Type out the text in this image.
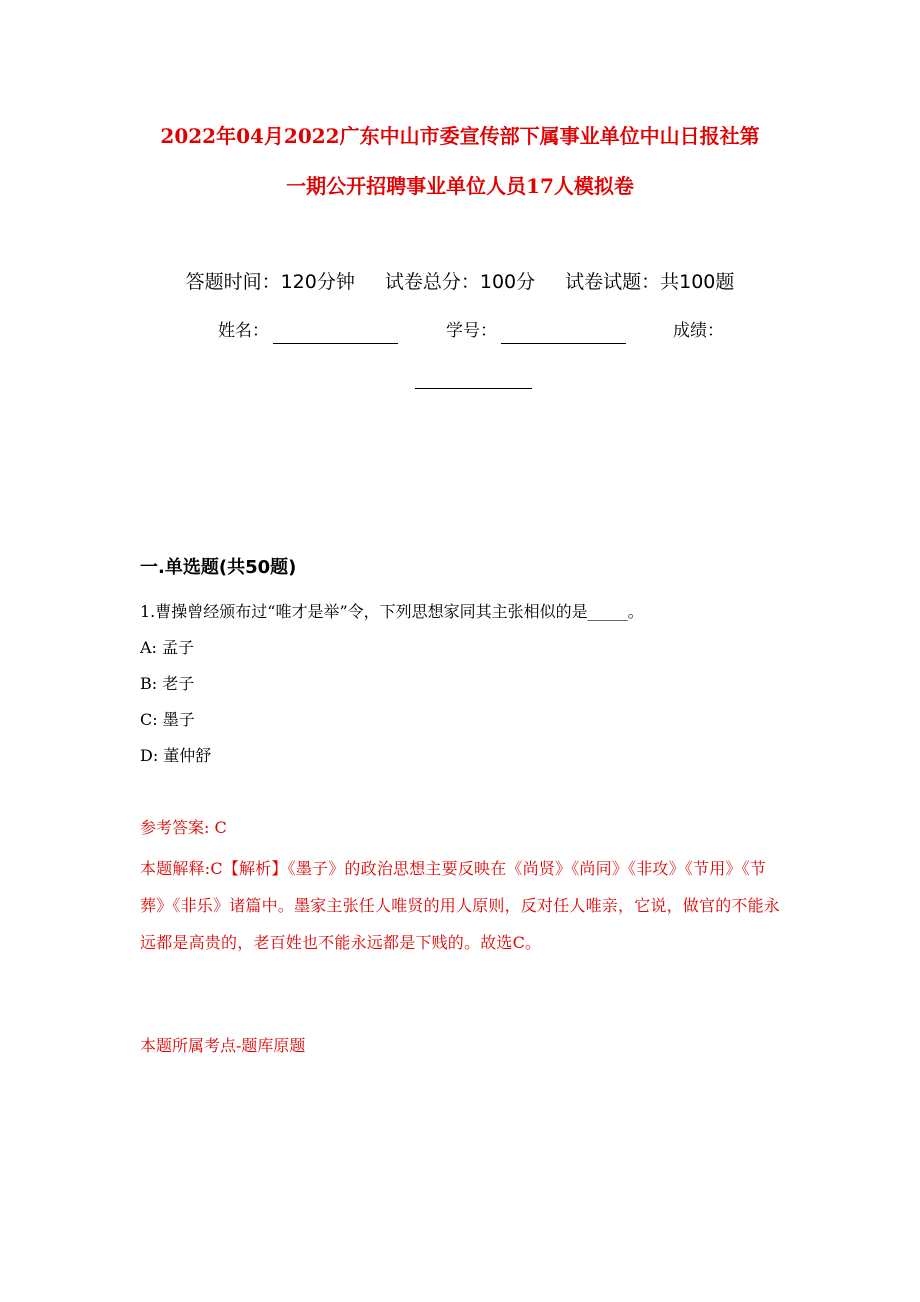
2022年04月2022广东中山市委宣传部下属事业单位中山日报社第
一期公开招聘事业单位人员17人模拟卷
答题时间：120分钟 试卷总分：100分 试卷试题：共100题
姓名：	学号：	成绩：
一.单选题(共50题)
1.曹操曾经颁布过“唯才是举”令，下列思想家同其主张相似的是_____。
A: 孟子
B: 老子
C: 墨子
D: 董仲舒
参考答案: C
本题解释:C【解析】《墨子》的政治思想主要反映在《尚贤》《尚同》《非攻》《节用》《节葬》《非乐》诸篇中。墨家主张任人唯贤的用人原则，反对任人唯亲，它说，做官的不能永远都是高贵的，老百姓也不能永远都是下贱的。故选C。
本题所属考点-题库原题
